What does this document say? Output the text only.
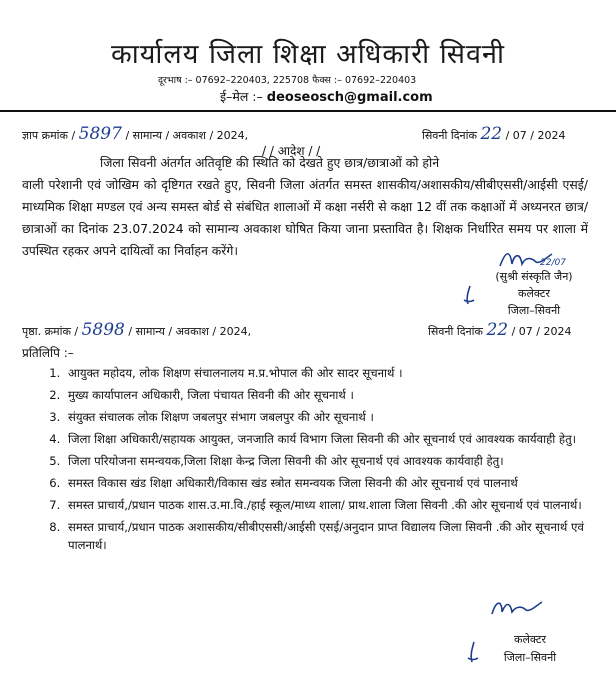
कार्यालय जिला शिक्षा अधिकारी सिवनी
दूरभाष :– 07692–220403, 225708 फैक्स :– 07692–220403
ई–मेल :– deoseosch@gmail.com
ज्ञाप क्रमांक / 5897 / सामान्य / अवकाश / 2024,	सिवनी दिनांक 22 / 07 / 2024
/ / आदेश / /
जिला सिवनी अंतर्गत अतिवृष्टि की स्थिति को देखते हुए छात्र/छात्राओं को होने
वाली परेशानी एवं जोखिम को दृष्टिगत रखते हुए, सिवनी जिला अंतर्गत समस्त शासकीय/अशासकीय/सीबीएससी/आईसी एसई/माध्यमिक शिक्षा मण्डल एवं अन्य समस्त बोर्ड से संबंधित शालाओं में कक्षा नर्सरी से कक्षा 12 वीं तक कक्षाओं में अध्यनरत छात्र/छात्राओं का दिनांक 23.07.2024 को सामान्य अवकाश घोषित किया जाना प्रस्तावित है। शिक्षक निर्धारित समय पर शाला में उपस्थित रहकर अपने दायित्वों का निर्वाहन करेंगे।
22/07
(सुश्री संस्कृति जैन)
कलेक्टर
जिला–सिवनी
पृष्ठा. क्रमांक / 5898 / सामान्य / अवकाश / 2024,	सिवनी दिनांक 22 / 07 / 2024
प्रतिलिपि :–
1. आयुक्त महोदय, लोक शिक्षण संचालनालय म.प्र.भोपाल की ओर सादर सूचनार्थ ।
2. मुख्य कार्यापालन अधिकारी, जिला पंचायत सिवनी की ओर सूचनार्थ ।
3. संयुक्त संचालक लोक शिक्षण जबलपुर संभाग जबलपुर की ओर सूचनार्थ ।
4. जिला शिक्षा अधिकारी/सहायक आयुक्त, जनजाति कार्य विभाग जिला सिवनी की ओर सूचनार्थ एवं आवश्यक कार्यवाही हेतु।
5. जिला परियोजना समन्वयक,जिला शिक्षा केन्द्र जिला सिवनी की ओर सूचनार्थ एवं आवश्यक कार्यवाही हेतु।
6. समस्त विकास खंड शिक्षा अधिकारी/विकास खंड स्त्रोत समन्वयक जिला सिवनी की ओर सूचनार्थ एवं पालनार्थ
7. समस्त प्राचार्य,/प्रधान पाठक शास.उ.मा.वि./हाई स्कूल/माध्य शाला/ प्राथ.शाला जिला सिवनी .की ओर सूचनार्थ एवं पालनार्थ।
8. समस्त प्राचार्य,/प्रधान पाठक अशासकीय/सीबीएससी/आईसी एसई/अनुदान प्राप्त विद्यालय जिला सिवनी .की ओर सूचनार्थ एवं पालनार्थ।
कलेक्टर
जिला–सिवनी
